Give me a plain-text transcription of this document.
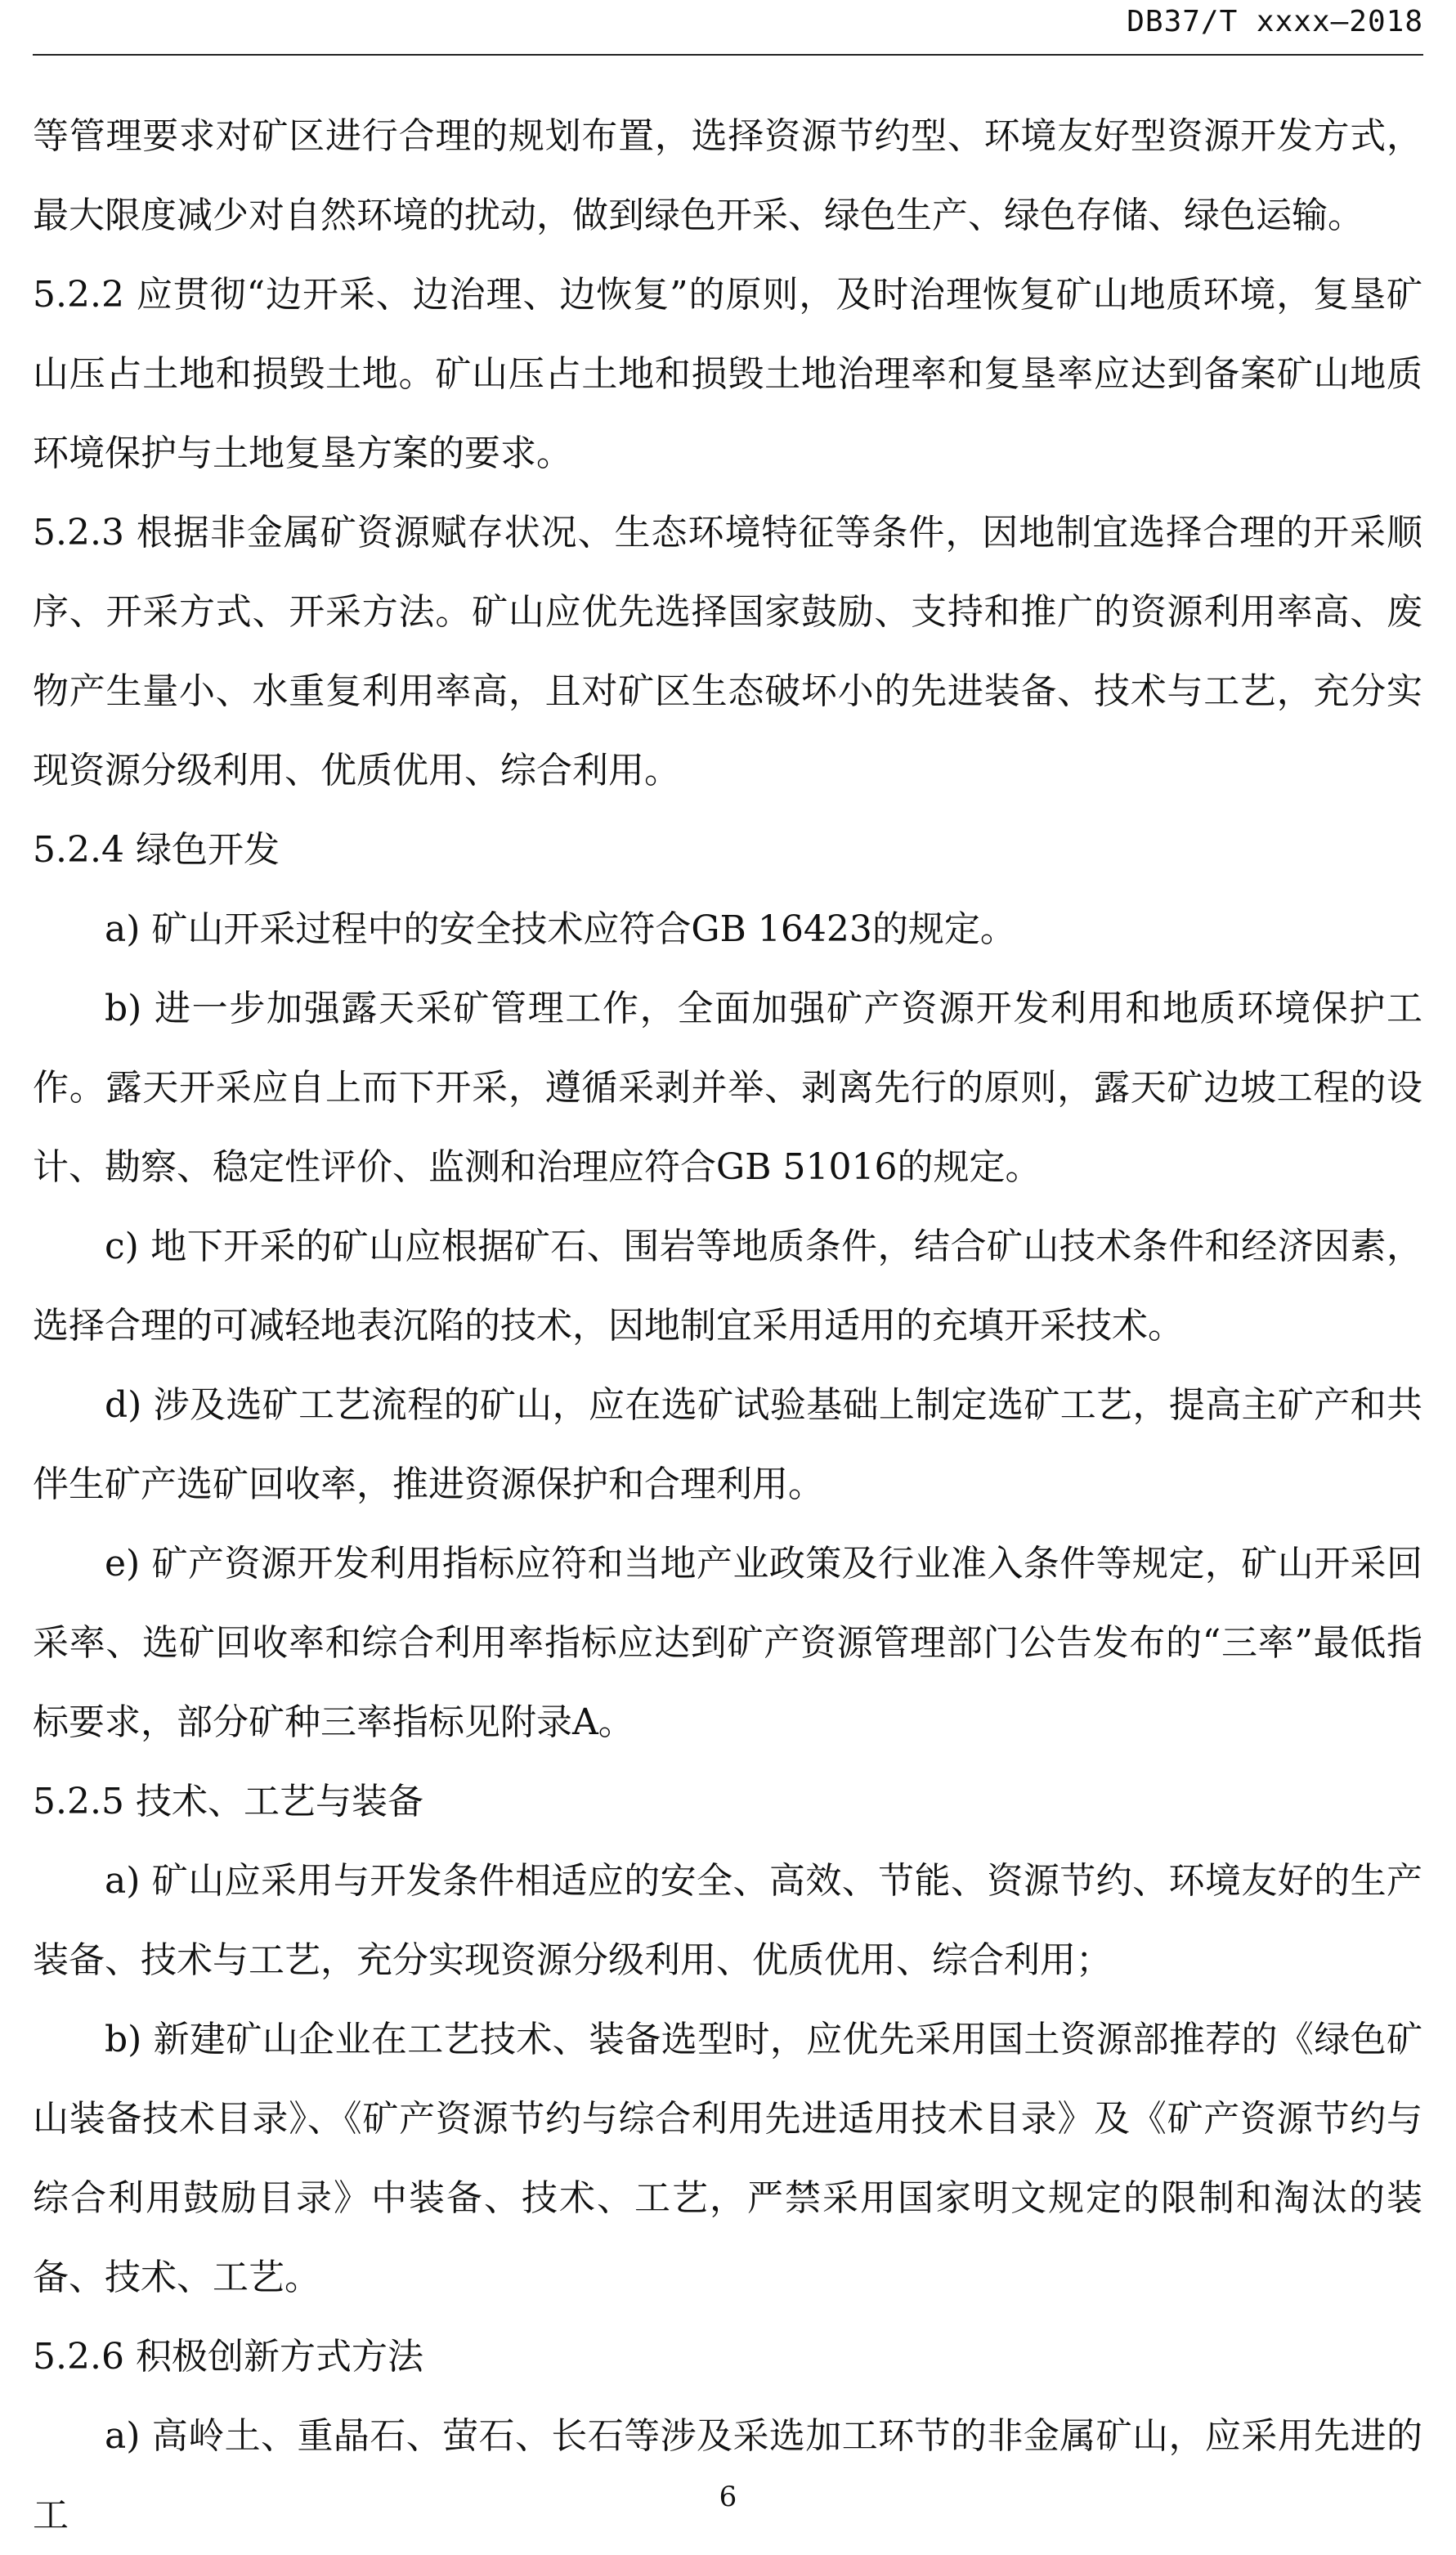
DB37/T xxxx—2018

等管理要求对矿区进行合理的规划布置，选择资源节约型、环境友好型资源开发方式，最大限度减少对自然环境的扰动，做到绿色开采、绿色生产、绿色存储、绿色运输。

5.2.2 应贯彻“边开采、边治理、边恢复”的原则，及时治理恢复矿山地质环境，复垦矿山压占土地和损毁土地。矿山压占土地和损毁土地治理率和复垦率应达到备案矿山地质环境保护与土地复垦方案的要求。

5.2.3 根据非金属矿资源赋存状况、生态环境特征等条件，因地制宜选择合理的开采顺序、开采方式、开采方法。矿山应优先选择国家鼓励、支持和推广的资源利用率高、废物产生量小、水重复利用率高，且对矿区生态破坏小的先进装备、技术与工艺，充分实现资源分级利用、优质优用、综合利用。

5.2.4 绿色开发

a) 矿山开采过程中的安全技术应符合GB 16423的规定。

b) 进一步加强露天采矿管理工作，全面加强矿产资源开发利用和地质环境保护工作。露天开采应自上而下开采，遵循采剥并举、剥离先行的原则，露天矿边坡工程的设计、勘察、稳定性评价、监测和治理应符合GB 51016的规定。

c) 地下开采的矿山应根据矿石、围岩等地质条件，结合矿山技术条件和经济因素，选择合理的可减轻地表沉陷的技术，因地制宜采用适用的充填开采技术。

d) 涉及选矿工艺流程的矿山，应在选矿试验基础上制定选矿工艺，提高主矿产和共伴生矿产选矿回收率，推进资源保护和合理利用。

e) 矿产资源开发利用指标应符和当地产业政策及行业准入条件等规定，矿山开采回采率、选矿回收率和综合利用率指标应达到矿产资源管理部门公告发布的“三率”最低指标要求，部分矿种三率指标见附录A。

5.2.5 技术、工艺与装备

a) 矿山应采用与开发条件相适应的安全、高效、节能、资源节约、环境友好的生产装备、技术与工艺，充分实现资源分级利用、优质优用、综合利用；

b) 新建矿山企业在工艺技术、装备选型时，应优先采用国土资源部推荐的《绿色矿山装备技术目录》、《矿产资源节约与综合利用先进适用技术目录》及《矿产资源节约与综合利用鼓励目录》中装备、技术、工艺，严禁采用国家明文规定的限制和淘汰的装备、技术、工艺。

5.2.6 积极创新方式方法

a) 高岭土、重晶石、萤石、长石等涉及采选加工环节的非金属矿山，应采用先进的工	6
